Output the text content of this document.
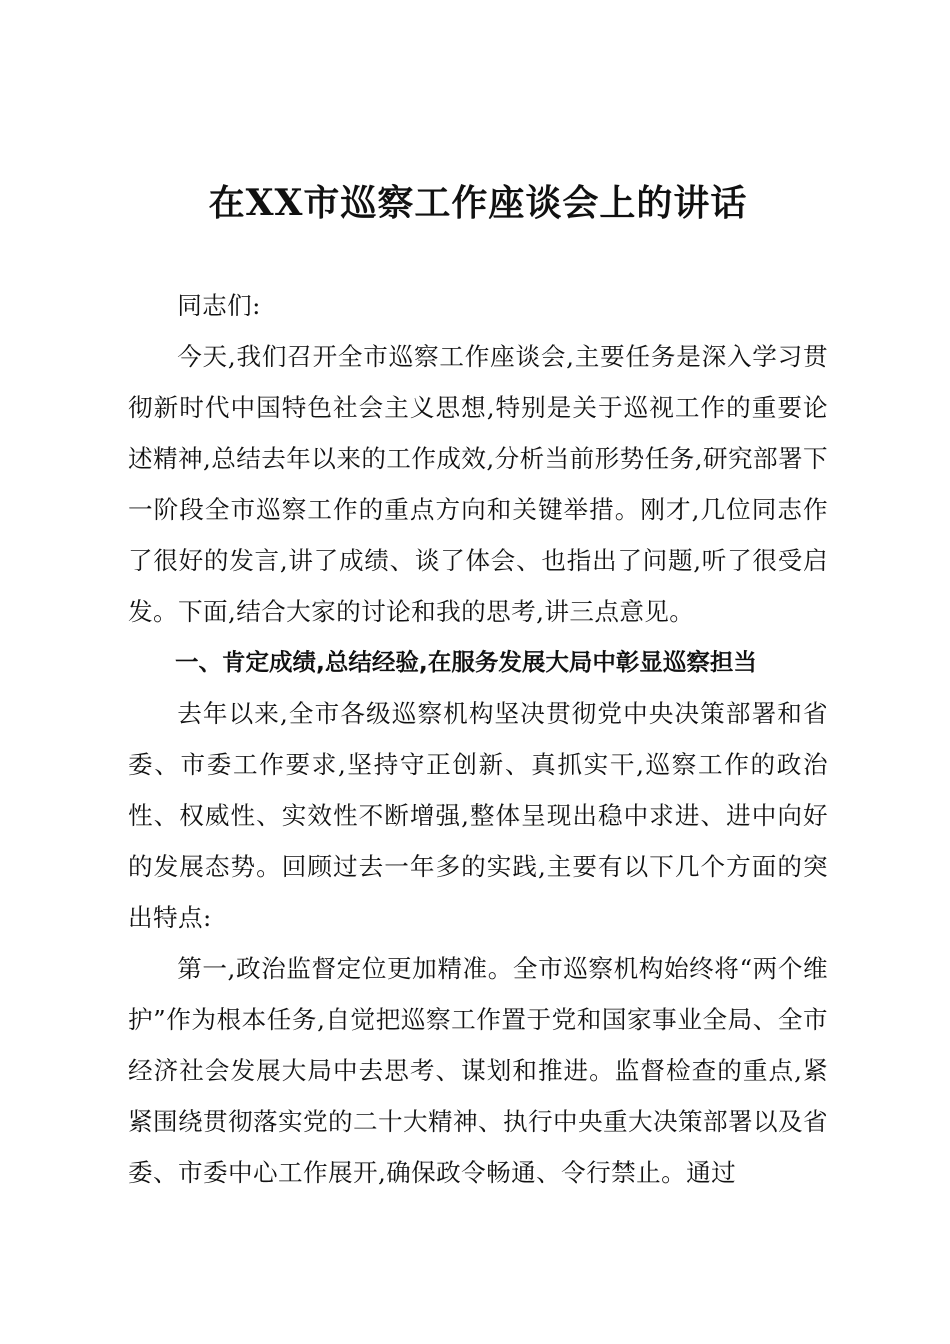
在XX市巡察工作座谈会上的讲话

同志们:

今天,我们召开全市巡察工作座谈会,主要任务是深入学习贯彻新时代中国特色社会主义思想,特别是关于巡视工作的重要论述精神,总结去年以来的工作成效,分析当前形势任务,研究部署下一阶段全市巡察工作的重点方向和关键举措。刚才,几位同志作了很好的发言,讲了成绩、谈了体会、也指出了问题,听了很受启发。下面,结合大家的讨论和我的思考,讲三点意见。

一、肯定成绩,总结经验,在服务发展大局中彰显巡察担当

去年以来,全市各级巡察机构坚决贯彻党中央决策部署和省委、市委工作要求,坚持守正创新、真抓实干,巡察工作的政治性、权威性、实效性不断增强,整体呈现出稳中求进、进中向好的发展态势。回顾过去一年多的实践,主要有以下几个方面的突出特点:

第一,政治监督定位更加精准。全市巡察机构始终将“两个维护”作为根本任务,自觉把巡察工作置于党和国家事业全局、全市经济社会发展大局中去思考、谋划和推进。监督检查的重点,紧紧围绕贯彻落实党的二十大精神、执行中央重大决策部署以及省委、市委中心工作展开,确保政令畅通、令行禁止。通过
